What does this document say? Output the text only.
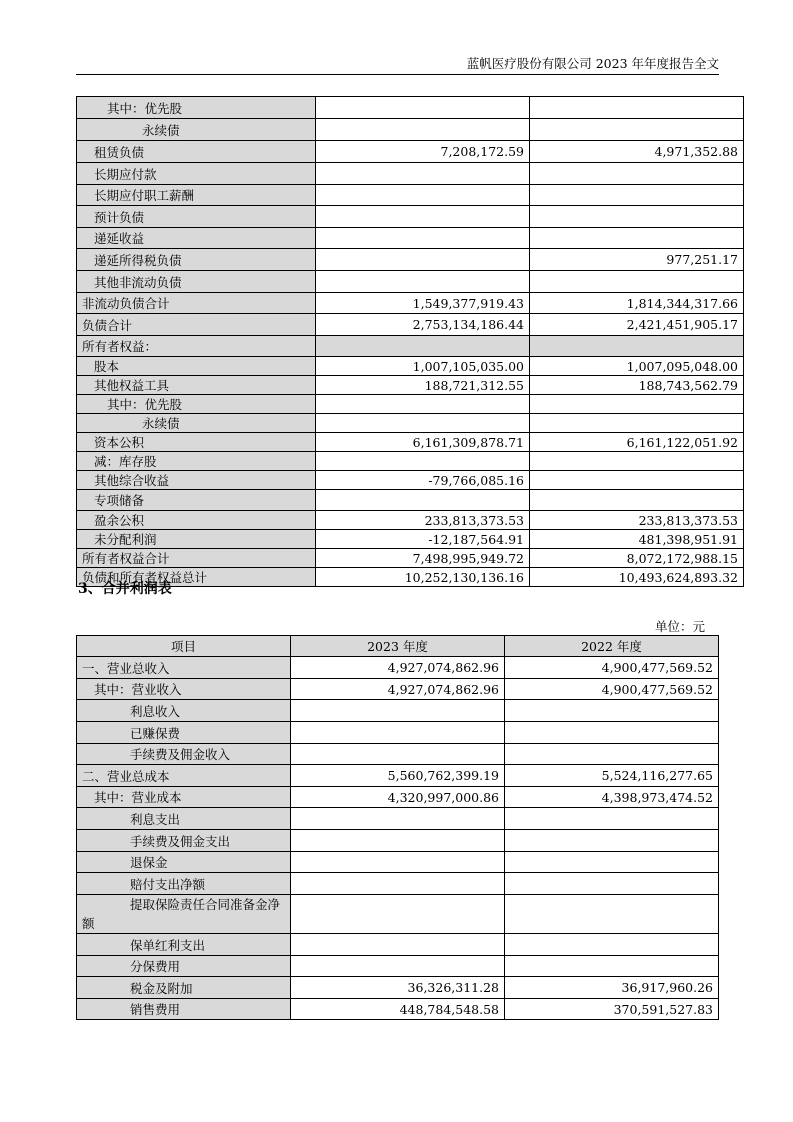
蓝帆医疗股份有限公司 2023 年年度报告全文
其中：优先股		
永续债		
租赁负债	7,208,172.59	4,971,352.88
长期应付款		
长期应付职工薪酬		
预计负债		
递延收益		
递延所得税负债		977,251.17
其他非流动负债		
非流动负债合计	1,549,377,919.43	1,814,344,317.66
负债合计	2,753,134,186.44	2,421,451,905.17
所有者权益：		
股本	1,007,105,035.00	1,007,095,048.00
其他权益工具	188,721,312.55	188,743,562.79
其中：优先股		
永续债		
资本公积	6,161,309,878.71	6,161,122,051.92
减：库存股		
其他综合收益	-79,766,085.16	
专项储备		
盈余公积	233,813,373.53	233,813,373.53
未分配利润	-12,187,564.91	481,398,951.91
所有者权益合计	7,498,995,949.72	8,072,172,988.15
负债和所有者权益总计	10,252,130,136.16	10,493,624,893.32
3、合并利润表
单位：元
项目	2023 年度	2022 年度
一、营业总收入	4,927,074,862.96	4,900,477,569.52
其中：营业收入	4,927,074,862.96	4,900,477,569.52
利息收入		
已赚保费		
手续费及佣金收入		
二、营业总成本	5,560,762,399.19	5,524,116,277.65
其中：营业成本	4,320,997,000.86	4,398,973,474.52
利息支出		
手续费及佣金支出		
退保金		
赔付支出净额		
提取保险责任合同准备金净额		
保单红利支出		
分保费用		
税金及附加	36,326,311.28	36,917,960.26
销售费用	448,784,548.58	370,591,527.83
